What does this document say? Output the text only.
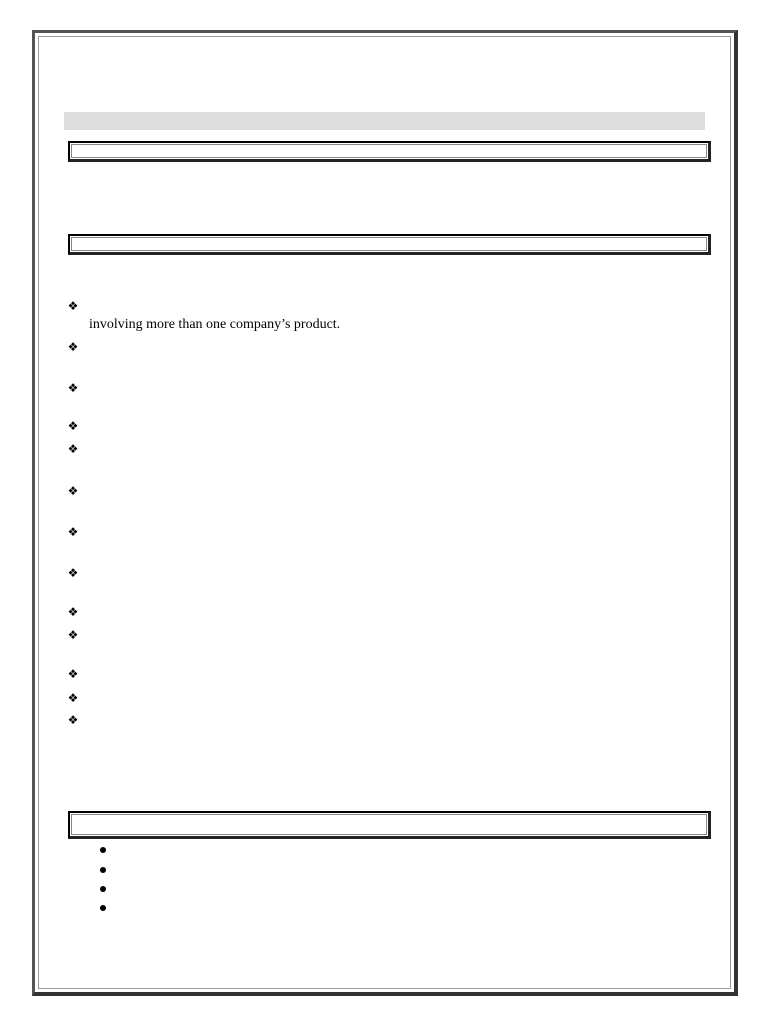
❖
involving more than one company’s product.
❖
❖
❖
❖
❖
❖
❖
❖
❖
❖
❖
❖
